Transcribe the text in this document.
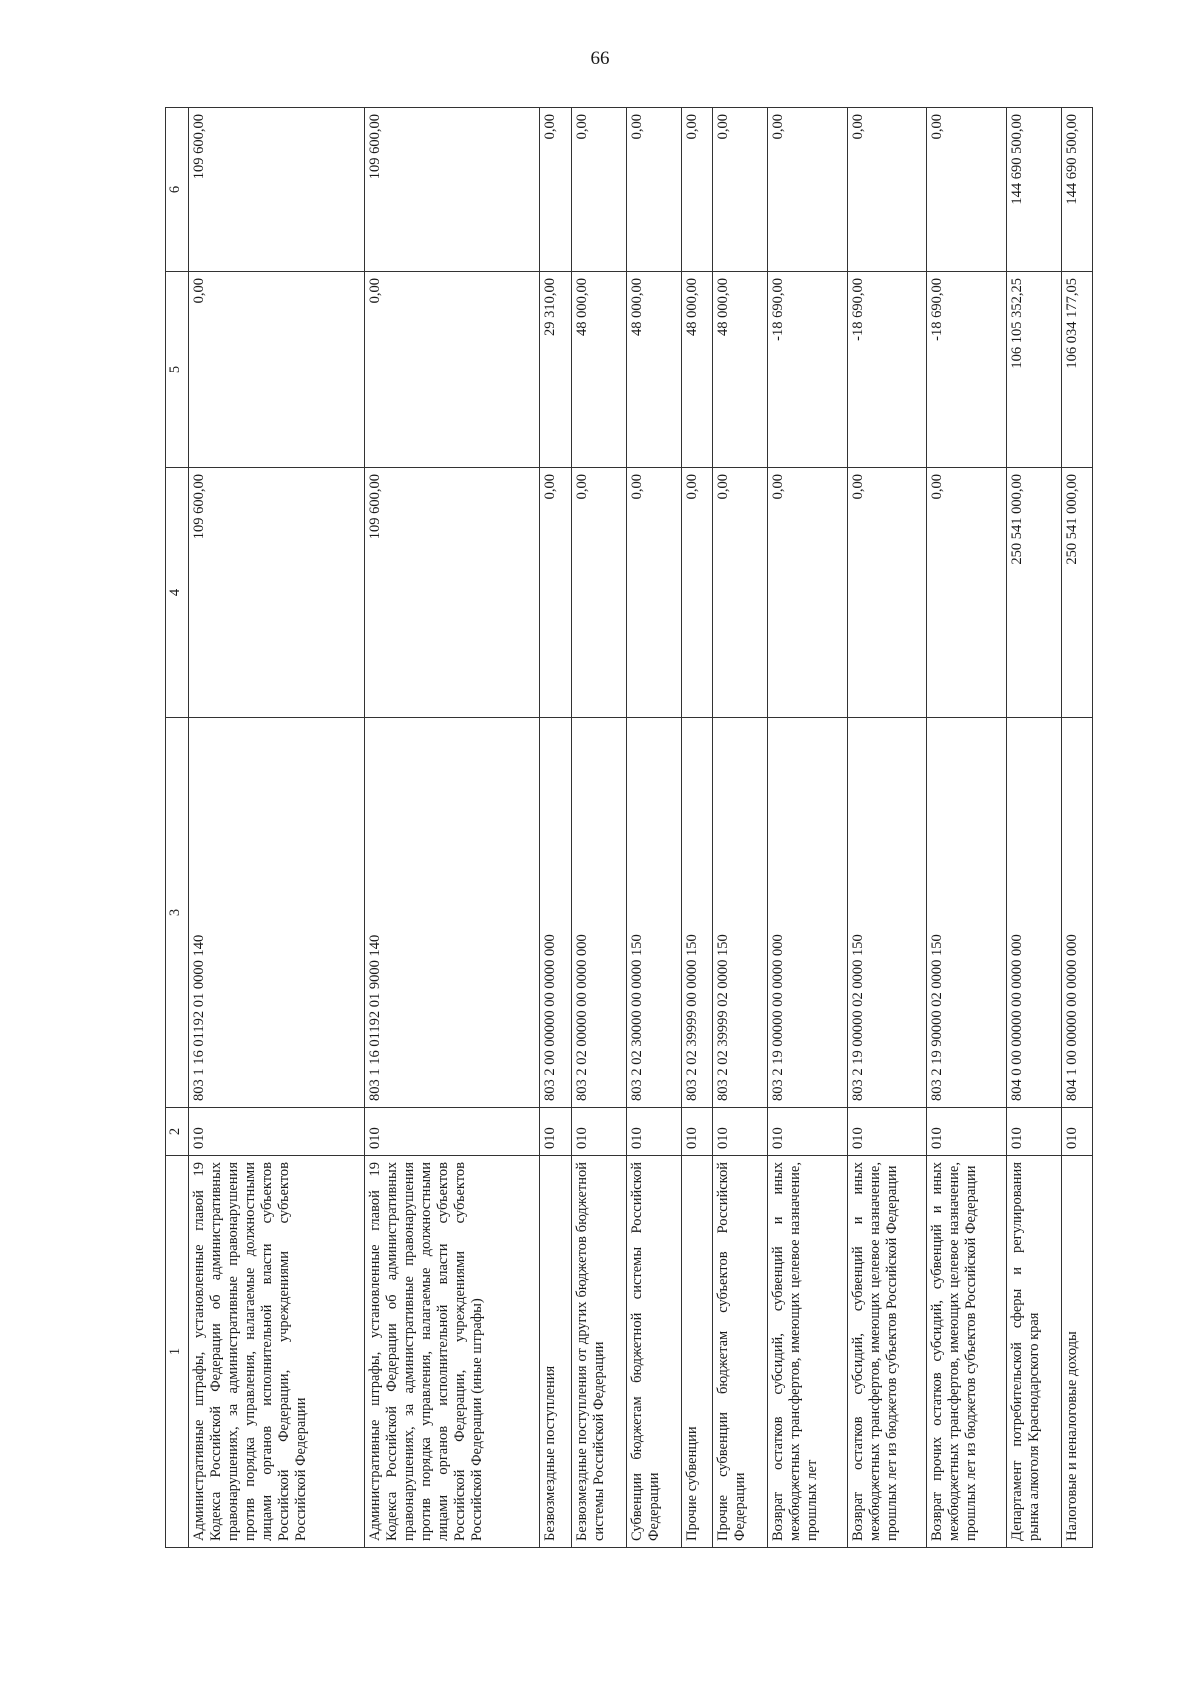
66
1	2	3	4	5	6
Административные штрафы, установленные главой 19 Кодекса Российской Федерации об административных правонарушениях, за административные правонарушения против порядка управления, налагаемые должностными лицами органов исполнительной власти субъектов Российской Федерации, учреждениями субъектов Российской Федерации	010	803 1 16 01192 01 0000 140	109 600,00	0,00	109 600,00
Административные штрафы, установленные главой 19 Кодекса Российской Федерации об административных правонарушениях, за административные правонарушения против порядка управления, налагаемые должностными лицами органов исполнительной власти субъектов Российской Федерации, учреждениями субъектов Российской Федерации (иные штрафы)	010	803 1 16 01192 01 9000 140	109 600,00	0,00	109 600,00
Безвозмездные поступления	010	803 2 00 00000 00 0000 000	0,00	29 310,00	0,00
Безвозмездные поступления от других бюджетов бюджетной системы Российской Федерации	010	803 2 02 00000 00 0000 000	0,00	48 000,00	0,00
Субвенции бюджетам бюджетной системы Российской Федерации	010	803 2 02 30000 00 0000 150	0,00	48 000,00	0,00
Прочие субвенции	010	803 2 02 39999 00 0000 150	0,00	48 000,00	0,00
Прочие субвенции бюджетам субъектов Российской Федерации	010	803 2 02 39999 02 0000 150	0,00	48 000,00	0,00
Возврат остатков субсидий, субвенций и иных межбюджетных трансфертов, имеющих целевое назначение, прошлых лет	010	803 2 19 00000 00 0000 000	0,00	-18 690,00	0,00
Возврат остатков субсидий, субвенций и иных межбюджетных трансфертов, имеющих целевое назначение, прошлых лет из бюджетов субъектов Российской Федерации	010	803 2 19 00000 02 0000 150	0,00	-18 690,00	0,00
Возврат прочих остатков субсидий, субвенций и иных межбюджетных трансфертов, имеющих целевое назначение, прошлых лет из бюджетов субъектов Российской Федерации	010	803 2 19 90000 02 0000 150	0,00	-18 690,00	0,00
Департамент потребительской сферы и регулирования рынка алкоголя Краснодарского края	010	804 0 00 00000 00 0000 000	250 541 000,00	106 105 352,25	144 690 500,00
Налоговые и неналоговые доходы	010	804 1 00 00000 00 0000 000	250 541 000,00	106 034 177,05	144 690 500,00
